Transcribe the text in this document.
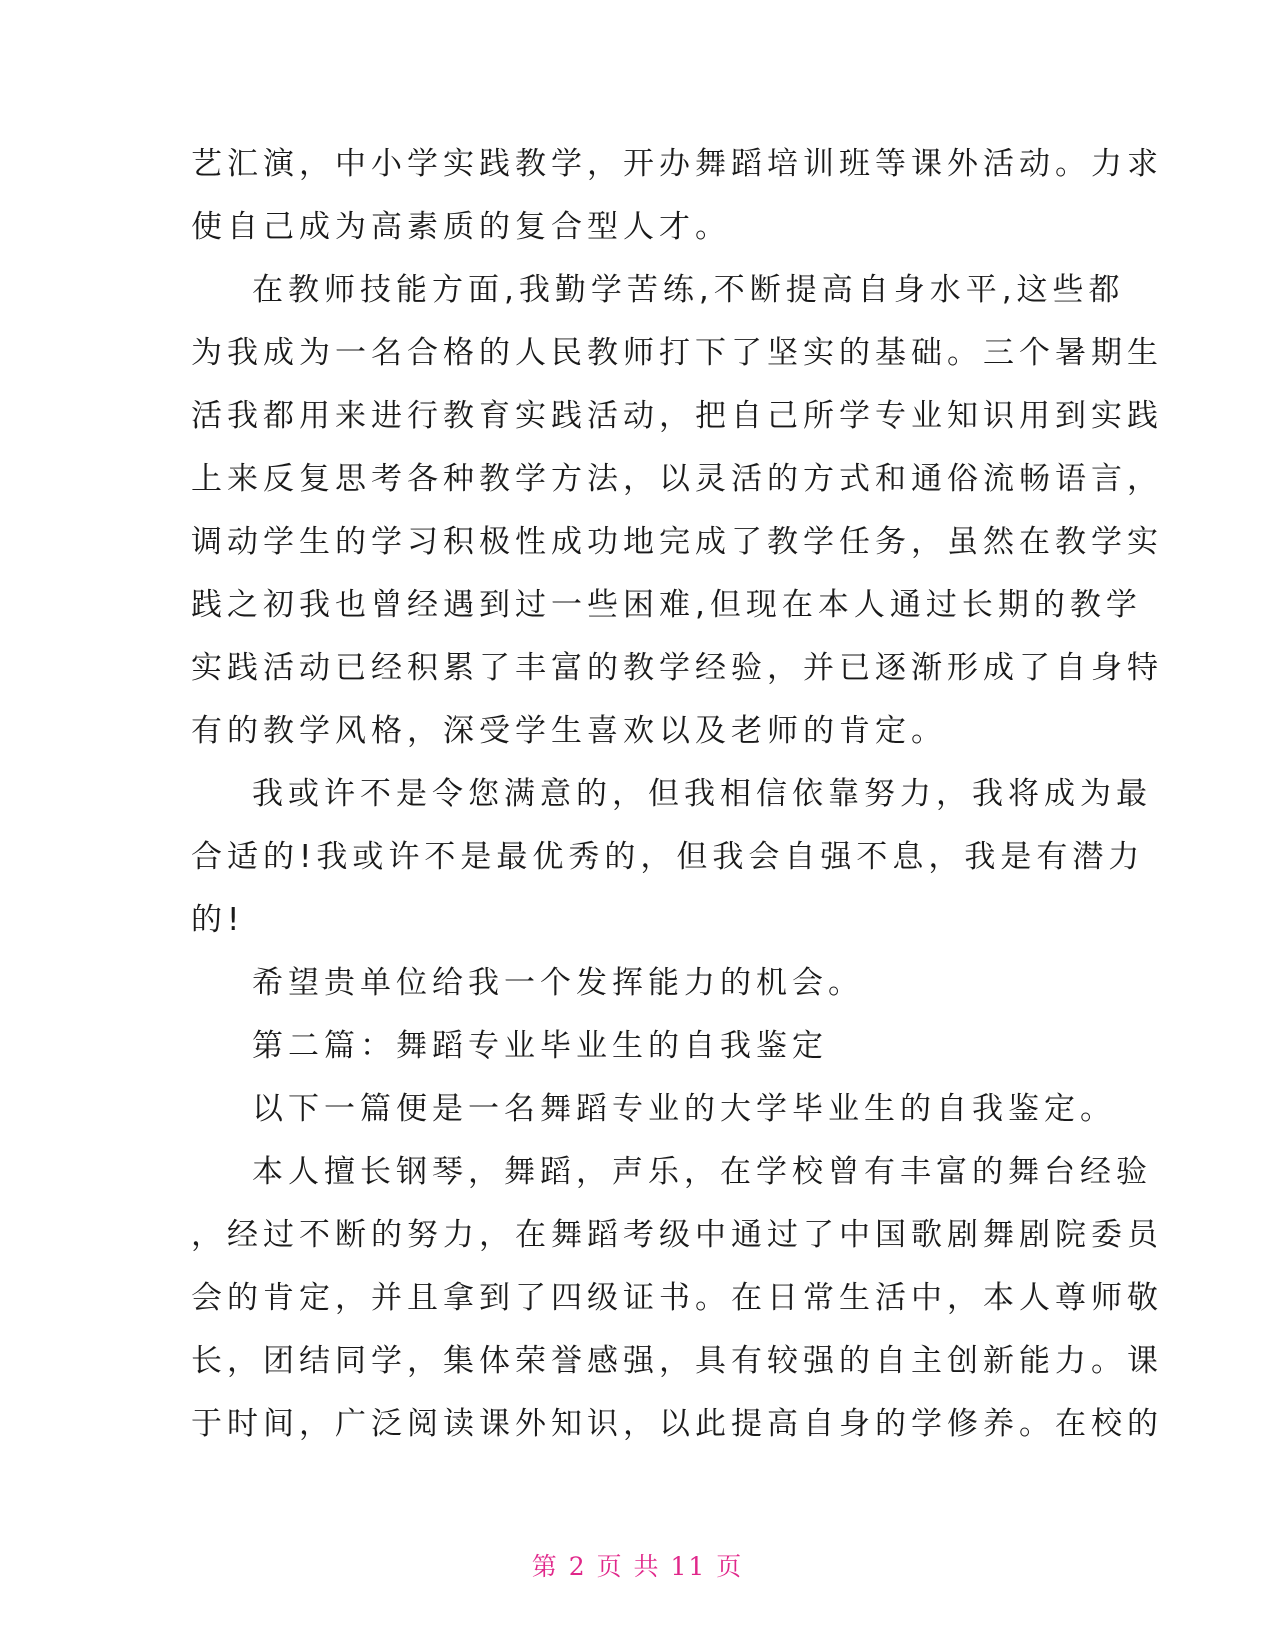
艺汇演，中小学实践教学，开办舞蹈培训班等课外活动。力求
使自己成为高素质的复合型人才。
在教师技能方面,我勤学苦练,不断提高自身水平,这些都
为我成为一名合格的人民教师打下了坚实的基础。三个暑期生
活我都用来进行教育实践活动，把自己所学专业知识用到实践
上来反复思考各种教学方法，以灵活的方式和通俗流畅语言，
调动学生的学习积极性成功地完成了教学任务，虽然在教学实
践之初我也曾经遇到过一些困难,但现在本人通过长期的教学
实践活动已经积累了丰富的教学经验，并已逐渐形成了自身特
有的教学风格，深受学生喜欢以及老师的肯定。
我或许不是令您满意的，但我相信依靠努力，我将成为最
合适的!我或许不是最优秀的，但我会自强不息，我是有潜力
的!
希望贵单位给我一个发挥能力的机会。
第二篇：舞蹈专业毕业生的自我鉴定
以下一篇便是一名舞蹈专业的大学毕业生的自我鉴定。
本人擅长钢琴，舞蹈，声乐，在学校曾有丰富的舞台经验
，经过不断的努力，在舞蹈考级中通过了中国歌剧舞剧院委员
会的肯定，并且拿到了四级证书。在日常生活中，本人尊师敬
长，团结同学，集体荣誉感强，具有较强的自主创新能力。课
于时间，广泛阅读课外知识，以此提高自身的学修养。在校的
第 2 页 共 11 页
